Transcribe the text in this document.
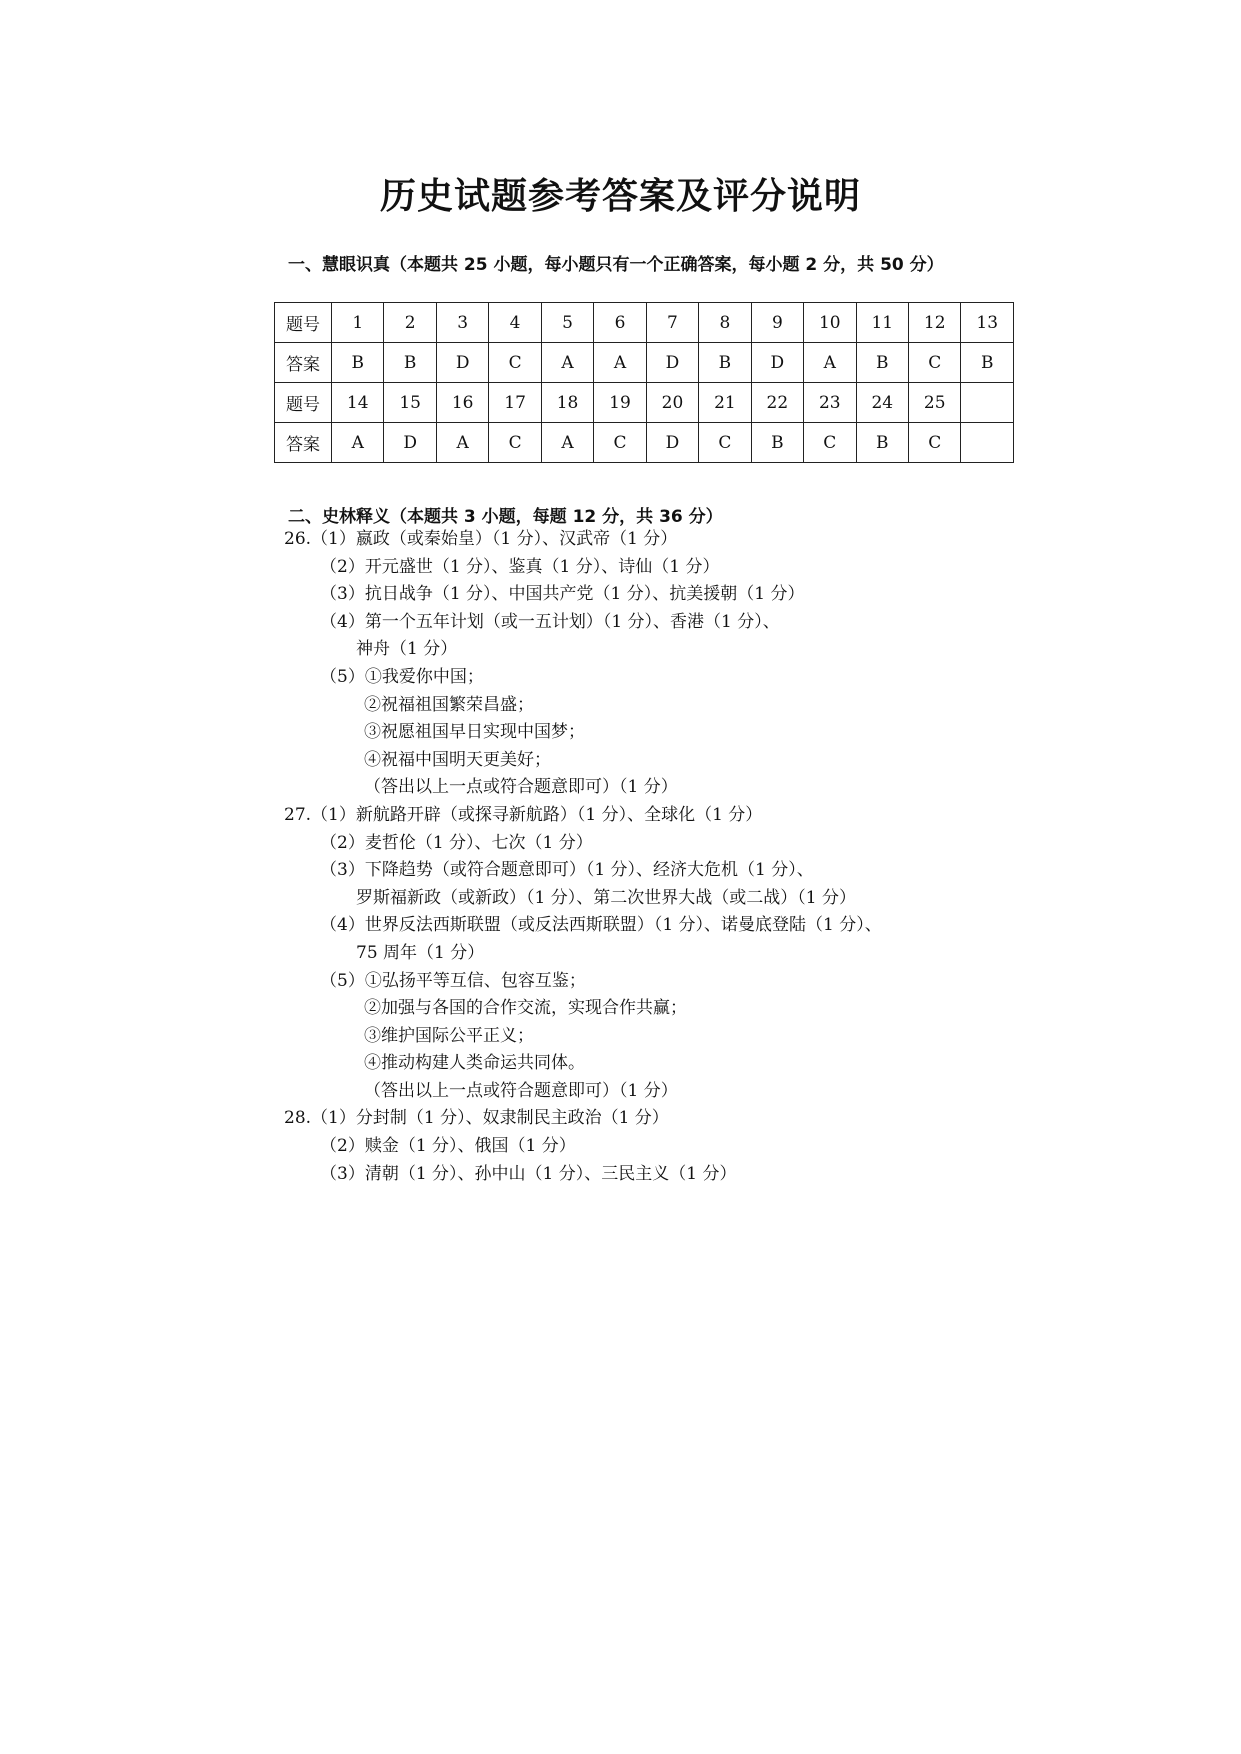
历史试题参考答案及评分说明
一、慧眼识真（本题共 25 小题，每小题只有一个正确答案，每小题 2 分，共 50 分）
题号	1	2	3	4	5	6	7	8	9	10	11	12	13
答案	B	B	D	C	A	A	D	B	D	A	B	C	B
题号	14	15	16	17	18	19	20	21	22	23	24	25	
答案	A	D	A	C	A	C	D	C	B	C	B	C	
二、史林释义（本题共 3 小题，每题 12 分，共 36 分）
26.（1）嬴政（或秦始皇）（1 分）、汉武帝（1 分）
（2）开元盛世（1 分）、鉴真（1 分）、诗仙（1 分）
（3）抗日战争（1 分）、中国共产党（1 分）、抗美援朝（1 分）
（4）第一个五年计划（或一五计划）（1 分）、香港（1 分）、
神舟（1 分）
（5）①我爱你中国；
②祝福祖国繁荣昌盛；
③祝愿祖国早日实现中国梦；
④祝福中国明天更美好；
（答出以上一点或符合题意即可）（1 分）
27.（1）新航路开辟（或探寻新航路）（1 分）、全球化（1 分）
（2）麦哲伦（1 分）、七次（1 分）
（3）下降趋势（或符合题意即可）（1 分）、经济大危机（1 分）、
罗斯福新政（或新政）（1 分）、第二次世界大战（或二战）（1 分）
（4）世界反法西斯联盟（或反法西斯联盟）（1 分）、诺曼底登陆（1 分）、
75 周年（1 分）
（5）①弘扬平等互信、包容互鉴；
②加强与各国的合作交流，实现合作共赢；
③维护国际公平正义；
④推动构建人类命运共同体。
（答出以上一点或符合题意即可）（1 分）
28.（1）分封制（1 分）、奴隶制民主政治（1 分）
（2）赎金（1 分）、俄国（1 分）
（3）清朝（1 分）、孙中山（1 分）、三民主义（1 分）
